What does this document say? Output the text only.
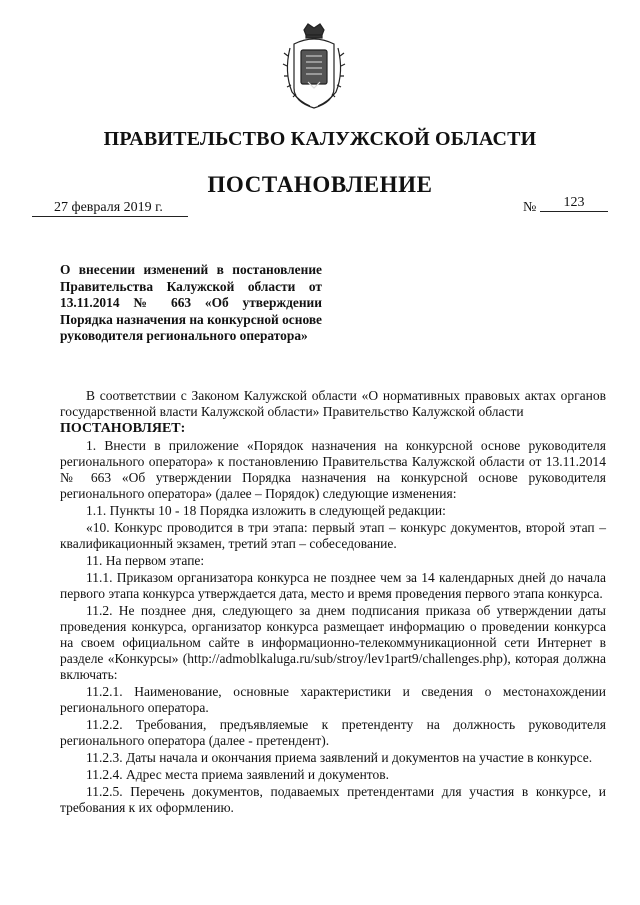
ПРАВИТЕЛЬСТВО КАЛУЖСКОЙ ОБЛАСТИ
ПОСТАНОВЛЕНИЕ
27 февраля 2019 г.	№	123
О внесении изменений в постановление Правительства Калужской области от 13.11.2014 № 663 «Об утверждении Порядка назначения на конкурсной основе руководителя регионального оператора»

В соответствии с Законом Калужской области «О нормативных правовых актах органов государственной власти Калужской области» Правительство Калужской области

ПОСТАНОВЛЯЕТ:

1. Внести в приложение «Порядок назначения на конкурсной основе руководителя регионального оператора» к постановлению Правительства Калужской области от 13.11.2014 № 663 «Об утверждении Порядка назначения на конкурсной основе руководителя регионального оператора» (далее – Порядок) следующие изменения:

1.1. Пункты 10 - 18 Порядка изложить в следующей редакции:

«10. Конкурс проводится в три этапа: первый этап – конкурс документов, второй этап – квалификационный экзамен, третий этап – собеседование.

11. На первом этапе:

11.1. Приказом организатора конкурса не позднее чем за 14 календарных дней до начала первого этапа конкурса утверждается дата, место и время проведения первого этапа конкурса.

11.2. Не позднее дня, следующего за днем подписания приказа об утверждении даты проведения конкурса, организатор конкурса размещает информацию о проведении конкурса на своем официальном сайте в информационно-телекоммуникационной сети Интернет в разделе «Конкурсы» (http://admoblkaluga.ru/sub/stroy/lev1part9/challenges.php), которая должна включать:

11.2.1. Наименование, основные характеристики и сведения о местонахождении регионального оператора.

11.2.2. Требования, предъявляемые к претенденту на должность руководителя регионального оператора (далее - претендент).

11.2.3. Даты начала и окончания приема заявлений и документов на участие в конкурсе.

11.2.4. Адрес места приема заявлений и документов.

11.2.5. Перечень документов, подаваемых претендентами для участия в конкурсе, и требования к их оформлению.
